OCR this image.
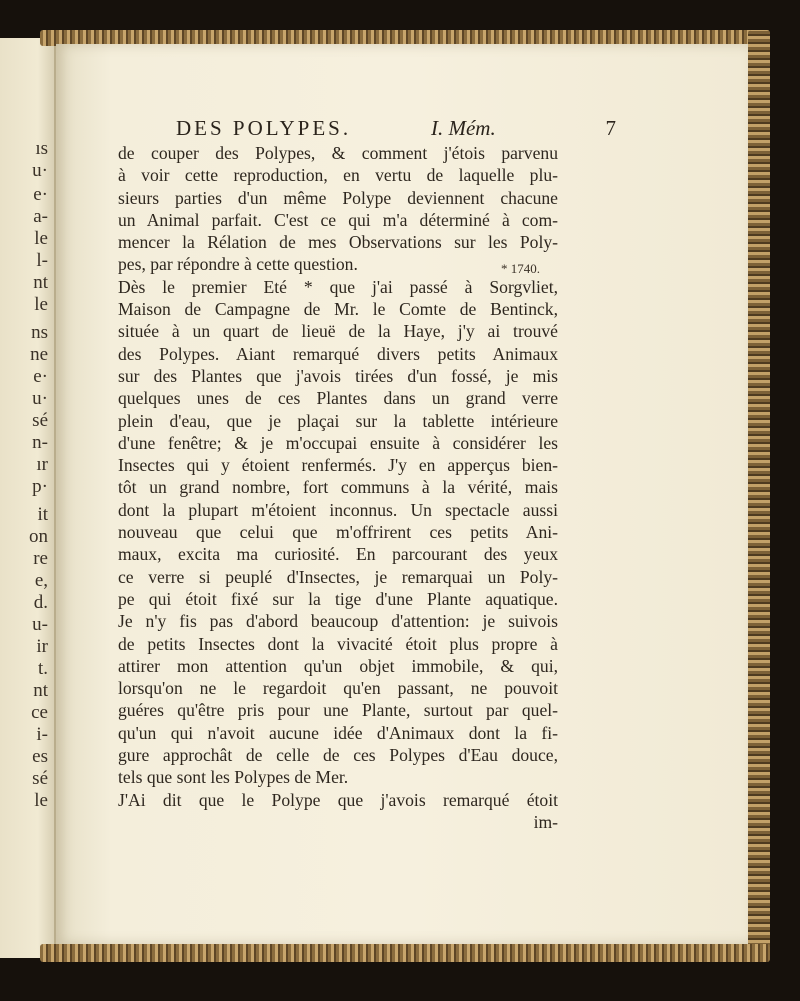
ıs
u·
e·
a-
le
l-
nt
le
ns
ne
e·
u·
sé
n-
ır
p·
it
on
re
e,
d.
u-
ir
t.
nt
ce
i-
es
sé
le
DES POLYPES.	I. Mém.	7
de couper des Polypes, & comment j'étois parvenu
à voir cette reproduction, en vertu de laquelle plu-
sieurs parties d'un même Polype deviennent chacune
un Animal parfait. C'est ce qui m'a déterminé à com-
mencer la Rélation de mes Observations sur les Poly-
pes, par répondre à cette question.
Dès le premier Eté * que j'ai passé à Sorgvliet,
Maison de Campagne de Mr. le Comte de Bentinck,
située à un quart de lieuë de la Haye, j'y ai trouvé
des Polypes. Aiant remarqué divers petits Animaux
sur des Plantes que j'avois tirées d'un fossé, je mis
quelques unes de ces Plantes dans un grand verre
plein d'eau, que je plaçai sur la tablette intérieure
d'une fenêtre; & je m'occupai ensuite à considérer les
Insectes qui y étoient renfermés. J'y en apperçus bien-
tôt un grand nombre, fort communs à la vérité, mais
dont la plupart m'étoient inconnus. Un spectacle aussi
nouveau que celui que m'offrirent ces petits Ani-
maux, excita ma curiosité. En parcourant des yeux
ce verre si peuplé d'Insectes, je remarquai un Poly-
pe qui étoit fixé sur la tige d'une Plante aquatique.
Je n'y fis pas d'abord beaucoup d'attention: je suivois
de petits Insectes dont la vivacité étoit plus propre à
attirer mon attention qu'un objet immobile, & qui,
lorsqu'on ne le regardoit qu'en passant, ne pouvoit
guéres qu'être pris pour une Plante, surtout par quel-
qu'un qui n'avoit aucune idée d'Animaux dont la fi-
gure approchât de celle de ces Polypes d'Eau douce,
tels que sont les Polypes de Mer.
J'Ai dit que le Polype que j'avois remarqué étoit
im-
* 1740.
